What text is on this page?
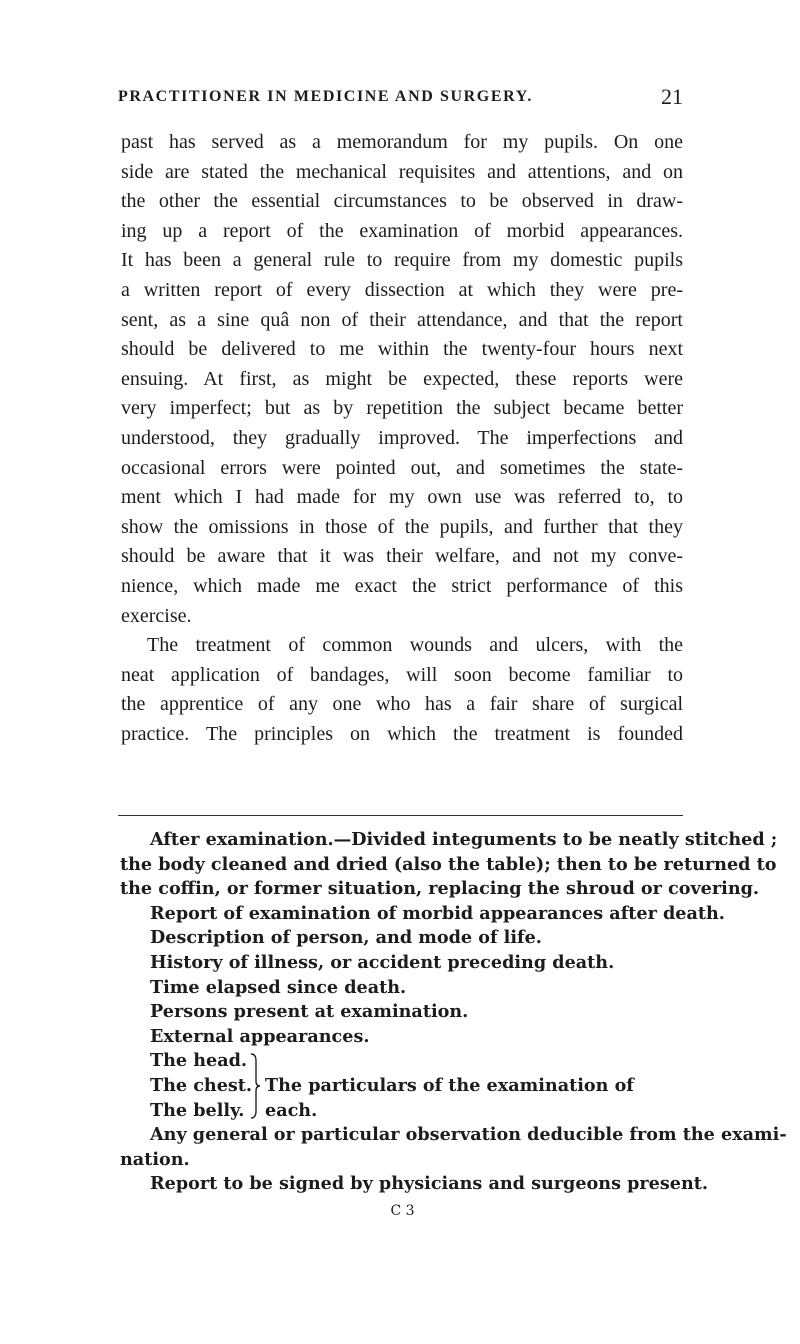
PRACTITIONER IN MEDICINE AND SURGERY.	21
past has served as a memorandum for my pupils. On one
side are stated the mechanical requisites and attentions, and on
the other the essential circumstances to be observed in draw-
ing up a report of the examination of morbid appearances.
It has been a general rule to require from my domestic pupils
a written report of every dissection at which they were pre-
sent, as a sine quâ non of their attendance, and that the report
should be delivered to me within the twenty-four hours next
ensuing. At first, as might be expected, these reports were
very imperfect; but as by repetition the subject became better
understood, they gradually improved. The imperfections and
occasional errors were pointed out, and sometimes the state-
ment which I had made for my own use was referred to, to
show the omissions in those of the pupils, and further that they
should be aware that it was their welfare, and not my conve-
nience, which made me exact the strict performance of this
exercise.
The treatment of common wounds and ulcers, with the
neat application of bandages, will soon become familiar to
the apprentice of any one who has a fair share of surgical
practice. The principles on which the treatment is founded
After examination.—Divided integuments to be neatly stitched ;
the body cleaned and dried (also the table); then to be returned to
the coffin, or former situation, replacing the shroud or covering.
Report of examination of morbid appearances after death.
Description of person, and mode of life.
History of illness, or accident preceding death.
Time elapsed since death.
Persons present at examination.
External appearances.
The head.
The chest.
The belly.
The particulars of the examination of each.
Any general or particular observation deducible from the exami-
nation.
Report to be signed by physicians and surgeons present.
C 3
